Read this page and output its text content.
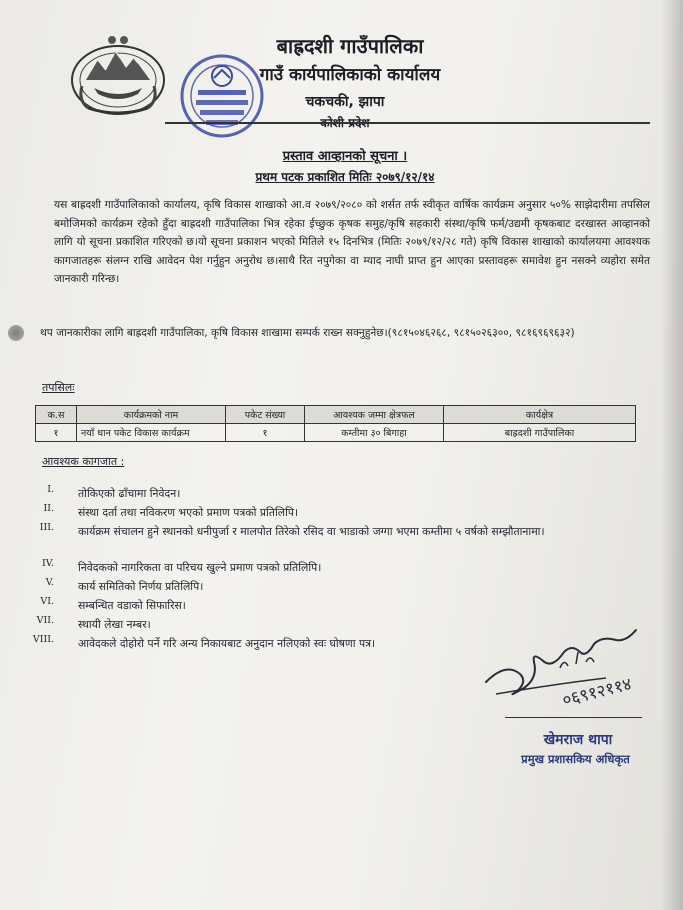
बाह्रदशी गाउँपालिका
गाउँ कार्यपालिकाको कार्यालय
चकचकी, झापा
प्रस्ताव आव्हानको सूचना ।
प्रथम पटक प्रकाशित मितिः २०७९/१२/१४
यस बाह्रदशी गाउँपालिकाको कार्यालय, कृषि विकास शाखाको आ.व २०७९/२०८० को शर्सत तर्फ स्वीकृत वार्षिक कार्यक्रम अनुसार ५०% साझेदारीमा तपसिल बमोजिमको कार्यक्रम रहेको हुँदा बाह्रदशी गाउँपालिका भित्र रहेका ईच्छुक कृषक समुह/कृषि सहकारी संस्था/कृषि फर्म/उद्यमी कृषकबाट दरखास्त आव्हानको लागि यो सूचना प्रकाशित गरिएको छ।यो सूचना प्रकाशन भएको मितिले १५ दिनभित्र (मितिः २०७९/१२/२८ गते) कृषि विकास शाखाको कार्यालयमा आवश्यक कागजातहरू संलग्न राखि आवेदन पेश गर्नुहुन अनुरोध छ।साथै रित नपुगेका वा म्याद नाघी प्राप्त हुन आएका प्रस्तावहरू समावेश हुन नसक्ने व्यहोरा समेत जानकारी गरिन्छ।
थप जानकारीका लागि बाह्रदशी गाउँपालिका, कृषि विकास शाखामा सम्पर्क राख्न सक्नुहुनेछ।(९८१५०४६२६८, ९८१५०२६३००, ९८१६९६९६३२)
तपसिलः
क.स	कार्यक्रमको नाम	पकेट संख्या	आवश्यक जम्मा क्षेत्रफल	कार्यक्षेत्र
१	नयाँ धान पकेट विकास कार्यक्रम	१	कम्तीमा ३० बिगाहा	बाह्रदशी गाउँपालिका
आवश्यक कागजात :
I. तोकिएको ढाँचामा निवेदन।
II. संस्था दर्ता तथा नविकरण भएको प्रमाण पत्रको प्रतिलिपि।
III. कार्यक्रम संचालन हुने स्थानको धनीपुर्जा र मालपोत तिरेको रसिद वा भाडाको जग्गा भएमा कम्तीमा ५ वर्षको सम्झौतानामा।
IV. निवेदकको नागरिकता वा परिचय खुल्ने प्रमाण पत्रको प्रतिलिपि।
V. कार्य समितिको निर्णय प्रतिलिपि।
VI. सम्बन्धित वडाको सिफारिस।
VII. स्थायी लेखा नम्बर।
VIII. आवेदकले दोहोरो पर्ने गरि अन्य निकायबाट अनुदान नलिएको स्वः घोषणा पत्र।
०६९१२११४
खेमराज थापा
प्रमुख प्रशासकिय अधिकृत
